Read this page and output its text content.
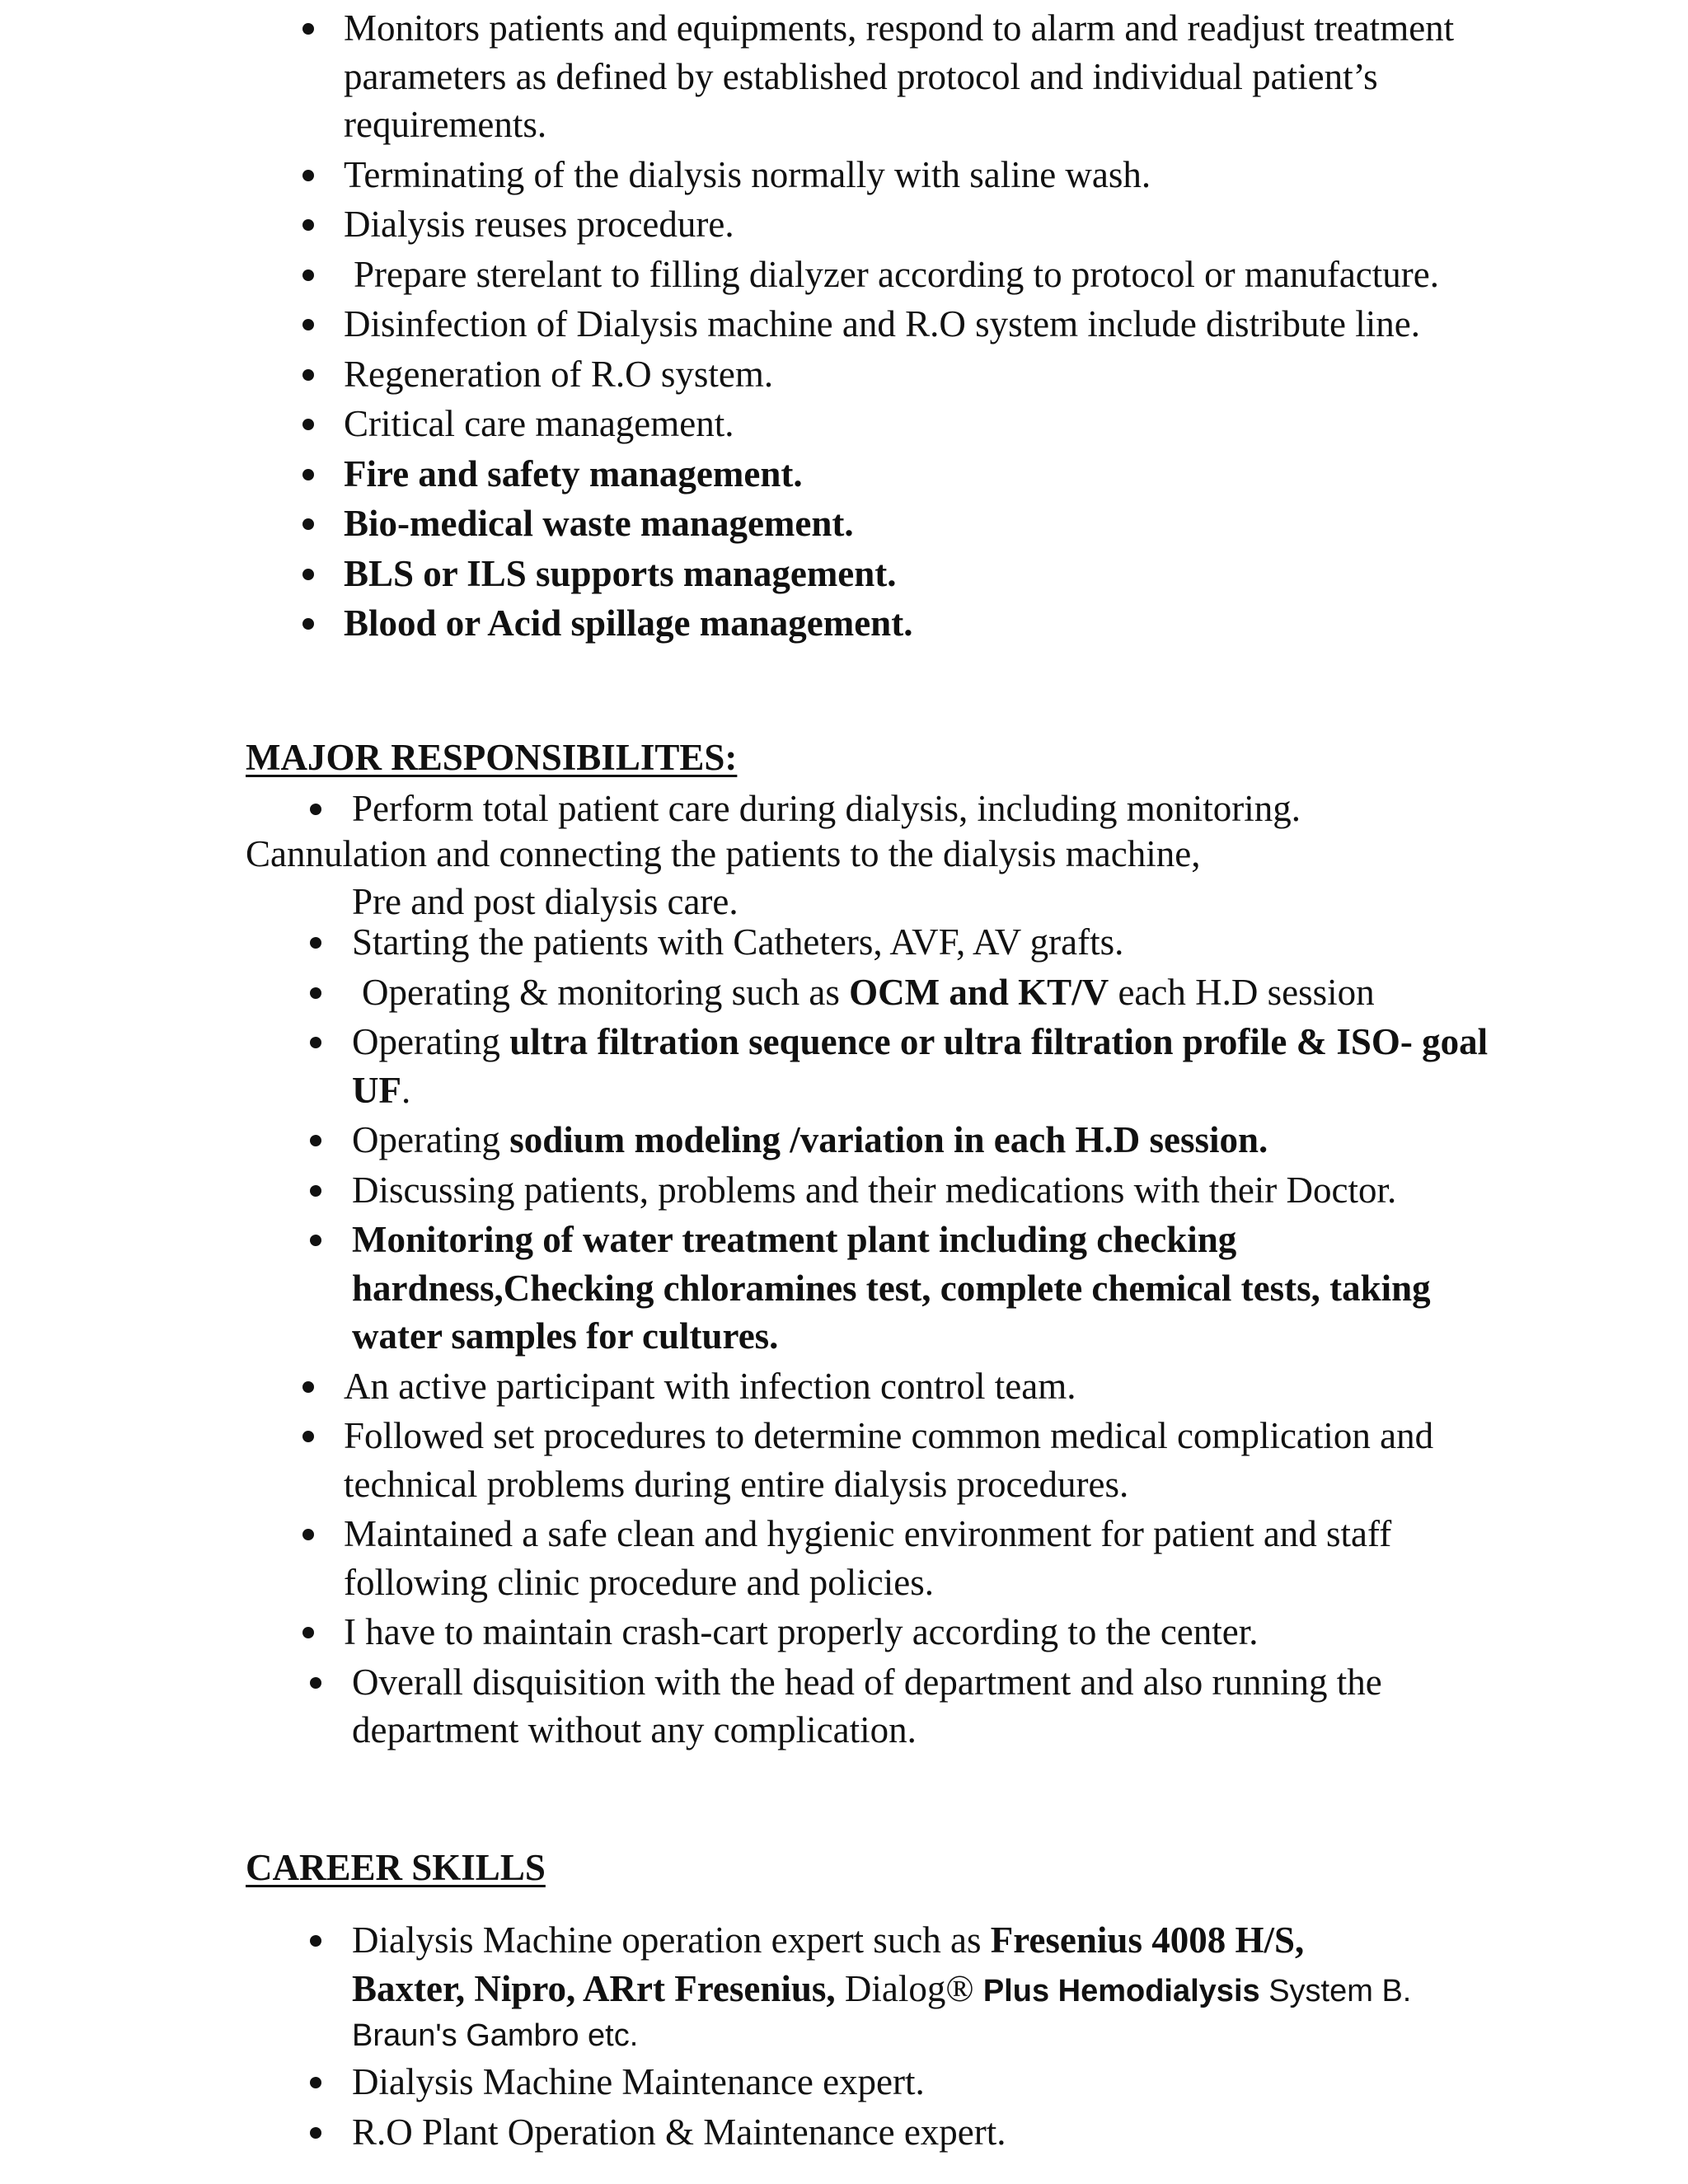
Monitors patients and equipments, respond to alarm and readjust treatment parameters as defined by established protocol and individual patient’s requirements.
Terminating of the dialysis normally with saline wash.
Dialysis reuses procedure.
Prepare sterelant to filling dialyzer according to protocol or manufacture.
Disinfection of Dialysis machine and R.O system include distribute line.
Regeneration of R.O system.
Critical care management.
Fire and safety management.
Bio-medical waste management.
BLS or ILS supports management.
Blood or Acid spillage management.
MAJOR RESPONSIBILITES:
Perform total patient care during dialysis, including monitoring.
Cannulation and connecting the patients to the dialysis machine,
Pre and post dialysis care.
Starting the patients with Catheters, AVF, AV grafts.
Operating & monitoring such as OCM and KT/V each H.D session
Operating ultra filtration sequence or ultra filtration profile & ISO- goal UF.
Operating sodium modeling /variation in each H.D session.
Discussing patients, problems and their medications with their Doctor.
Monitoring of water treatment plant including checking hardness,Checking chloramines test, complete chemical tests, taking water samples for cultures.
An active participant with infection control team.
Followed set procedures to determine common medical complication and technical problems during entire dialysis procedures.
Maintained a safe clean and hygienic environment for patient and staff following clinic procedure and policies.
I have to maintain crash-cart properly according to the center.
Overall disquisition with the head of department and also running the department without any complication.
CAREER SKILLS
Dialysis Machine operation expert such as Fresenius 4008 H/S,
Baxter, Nipro, ARrt Fresenius, Dialog® Plus Hemodialysis System B.
Braun's Gambro etc.
Dialysis Machine Maintenance expert.
R.O Plant Operation & Maintenance expert.
